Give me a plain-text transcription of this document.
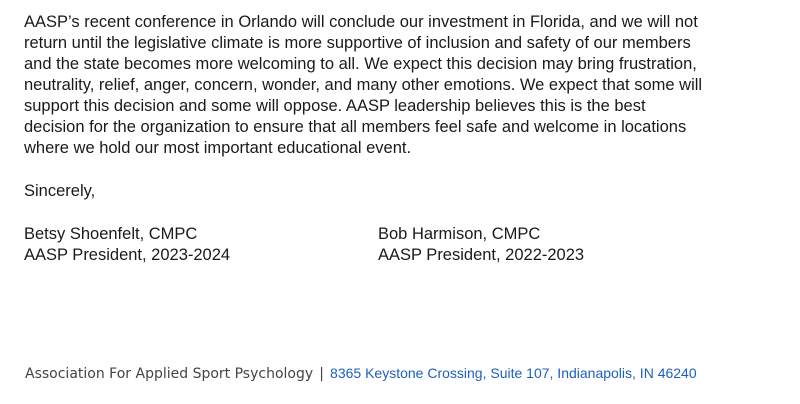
AASP’s recent conference in Orlando will conclude our investment in Florida, and we will not
return until the legislative climate is more supportive of inclusion and safety of our members
and the state becomes more welcoming to all. We expect this decision may bring frustration,
neutrality, relief, anger, concern, wonder, and many other emotions. We expect that some will
support this decision and some will oppose. AASP leadership believes this is the best
decision for the organization to ensure that all members feel safe and welcome in locations
where we hold our most important educational event.

Sincerely,

Betsy Shoenfelt, CMPC
AASP President, 2023-2024
Bob Harmison, CMPC
AASP President, 2022-2023
Association For Applied Sport Psychology | 8365 Keystone Crossing, Suite 107, Indianapolis, IN 46240
